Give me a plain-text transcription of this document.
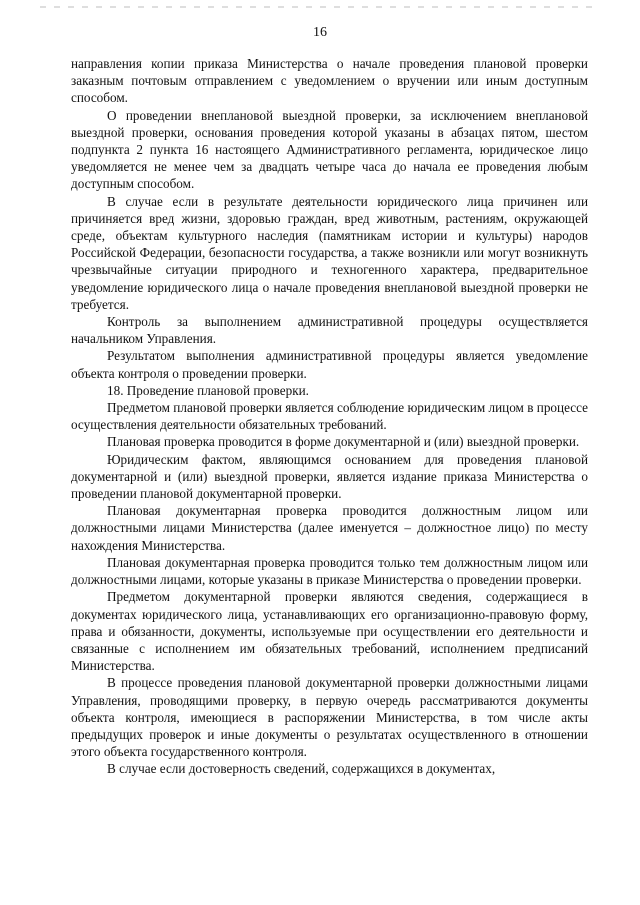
16

направления копии приказа Министерства о начале проведения плановой проверки заказным почтовым отправлением с уведомлением о вручении или иным доступным способом.

О проведении внеплановой выездной проверки, за исключением внеплановой выездной проверки, основания проведения которой указаны в абзацах пятом, шестом подпункта 2 пункта 16 настоящего Административного регламента, юридическое лицо уведомляется не менее чем за двадцать четыре часа до начала ее проведения любым доступным способом.

В случае если в результате деятельности юридического лица причинен или причиняется вред жизни, здоровью граждан, вред животным, растениям, окружающей среде, объектам культурного наследия (памятникам истории и культуры) народов Российской Федерации, безопасности государства, а также возникли или могут возникнуть чрезвычайные ситуации природного и техногенного характера, предварительное уведомление юридического лица о начале проведения внеплановой выездной проверки не требуется.

Контроль за выполнением административной процедуры осуществляется начальником Управления.

Результатом выполнения административной процедуры является уведомление объекта контроля о проведении проверки.

18. Проведение плановой проверки.

Предметом плановой проверки является соблюдение юридическим лицом в процессе осуществления деятельности обязательных требований.

Плановая проверка проводится в форме документарной и (или) выездной проверки.

Юридическим фактом, являющимся основанием для проведения плановой документарной и (или) выездной проверки, является издание приказа Министерства о проведении плановой документарной проверки.

Плановая документарная проверка проводится должностным лицом или должностными лицами Министерства (далее именуется – должностное лицо) по месту нахождения Министерства.

Плановая документарная проверка проводится только тем должностным лицом или должностными лицами, которые указаны в приказе Министерства о проведении проверки.

Предметом документарной проверки являются сведения, содержащиеся в документах юридического лица, устанавливающих его организационно-правовую форму, права и обязанности, документы, используемые при осуществлении его деятельности и связанные с исполнением им обязательных требований, исполнением предписаний Министерства.

В процессе проведения плановой документарной проверки должностными лицами Управления, проводящими проверку, в первую очередь рассматриваются документы объекта контроля, имеющиеся в распоряжении Министерства, в том числе акты предыдущих проверок и иные документы о результатах осуществленного в отношении этого объекта государственного контроля.

В случае если достоверность сведений, содержащихся в документах,
